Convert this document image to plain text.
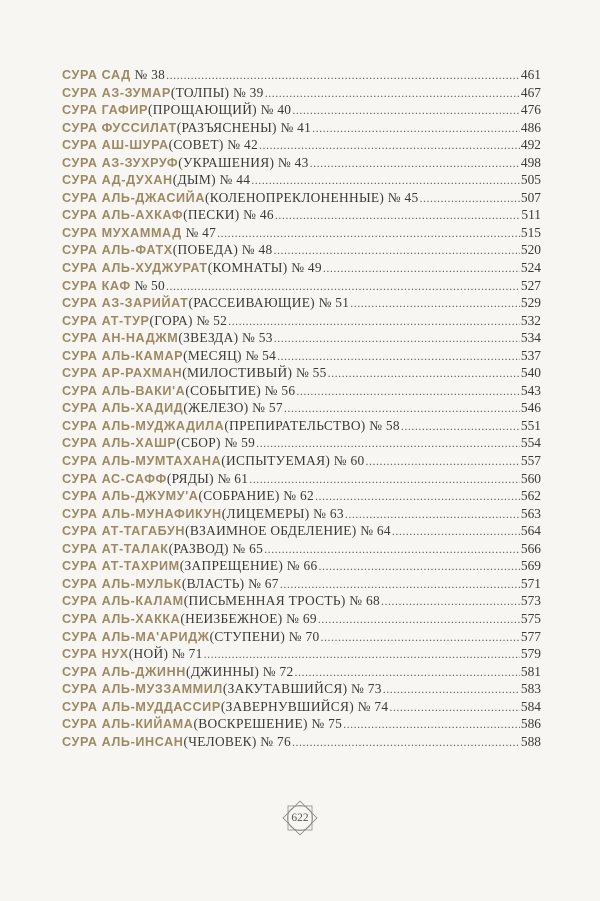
СУРА САД № 38 .....	461
СУРА АЗ-ЗУМАР(ТОЛПЫ) № 39 .....	467
СУРА ГАФИР(ПРОЩАЮЩИЙ) № 40 .....	476
СУРА ФУССИЛАТ(РАЗЪЯСНЕНЫ) № 41 .....	486
СУРА АШ-ШУРА(СОВЕТ) № 42 .....	492
СУРА АЗ-ЗУХРУФ(УКРАШЕНИЯ) № 43 .....	498
СУРА АД-ДУХАН(ДЫМ) № 44 .....	505
СУРА АЛЬ-ДЖАСИЙА(КОЛЕНОПРЕКЛОНЕННЫЕ) № 45 .....	507
СУРА АЛЬ-АХКАФ(ПЕСКИ) № 46 .....	511
СУРА МУХАММАД № 47 .....	515
СУРА АЛЬ-ФАТХ(ПОБЕДА) № 48 .....	520
СУРА АЛЬ-ХУДЖУРАТ(КОМНАТЫ) № 49 .....	524
СУРА КАФ № 50 .....	527
СУРА АЗ-ЗАРИЙАТ(РАССЕИВАЮЩИЕ) № 51 .....	529
СУРА АТ-ТУР(ГОРА) № 52 .....	532
СУРА АН-НАДЖМ(ЗВЕЗДА) № 53 .....	534
СУРА АЛЬ-КАМАР(МЕСЯЦ) № 54 .....	537
СУРА АР-РАХМАН(МИЛОСТИВЫЙ) № 55 .....	540
СУРА АЛЬ-ВАКИ'А(СОБЫТИЕ) № 56 .....	543
СУРА АЛЬ-ХАДИД(ЖЕЛЕЗО) № 57 .....	546
СУРА АЛЬ-МУДЖАДИЛА(ПРЕПИРАТЕЛЬСТВО) № 58 .....	551
СУРА АЛЬ-ХАШР(СБОР) № 59 .....	554
СУРА АЛЬ-МУМТАХАНА(ИСПЫТУЕМАЯ) № 60 .....	557
СУРА АС-САФФ(РЯДЫ) № 61 .....	560
СУРА АЛЬ-ДЖУМУ'А(СОБРАНИЕ) № 62 .....	562
СУРА АЛЬ-МУНАФИКУН(ЛИЦЕМЕРЫ) № 63 .....	563
СУРА АТ-ТАГАБУН(ВЗАИМНОЕ ОБДЕЛЕНИЕ) № 64 .....	564
СУРА АТ-ТАЛАК(РАЗВОД) № 65 .....	566
СУРА АТ-ТАХРИМ(ЗАПРЕЩЕНИЕ) № 66 .....	569
СУРА АЛЬ-МУЛЬК(ВЛАСТЬ) № 67 .....	571
СУРА АЛЬ-КАЛАМ(ПИСЬМЕННАЯ ТРОСТЬ) № 68 .....	573
СУРА АЛЬ-ХАККА(НЕИЗБЕЖНОЕ) № 69 .....	575
СУРА АЛЬ-МА'АРИДЖ(СТУПЕНИ) № 70 .....	577
СУРА НУХ(НОЙ) № 71 .....	579
СУРА АЛЬ-ДЖИНН(ДЖИННЫ) № 72 .....	581
СУРА АЛЬ-МУЗЗАММИЛ(ЗАКУТАВШИЙСЯ) № 73 .....	583
СУРА АЛЬ-МУДДАССИР(ЗАВЕРНУВШИЙСЯ) № 74 .....	584
СУРА АЛЬ-КИЙАМА(ВОСКРЕШЕНИЕ) № 75 .....	586
СУРА АЛЬ-ИНСАН(ЧЕЛОВЕК) № 76 .....	588
622
